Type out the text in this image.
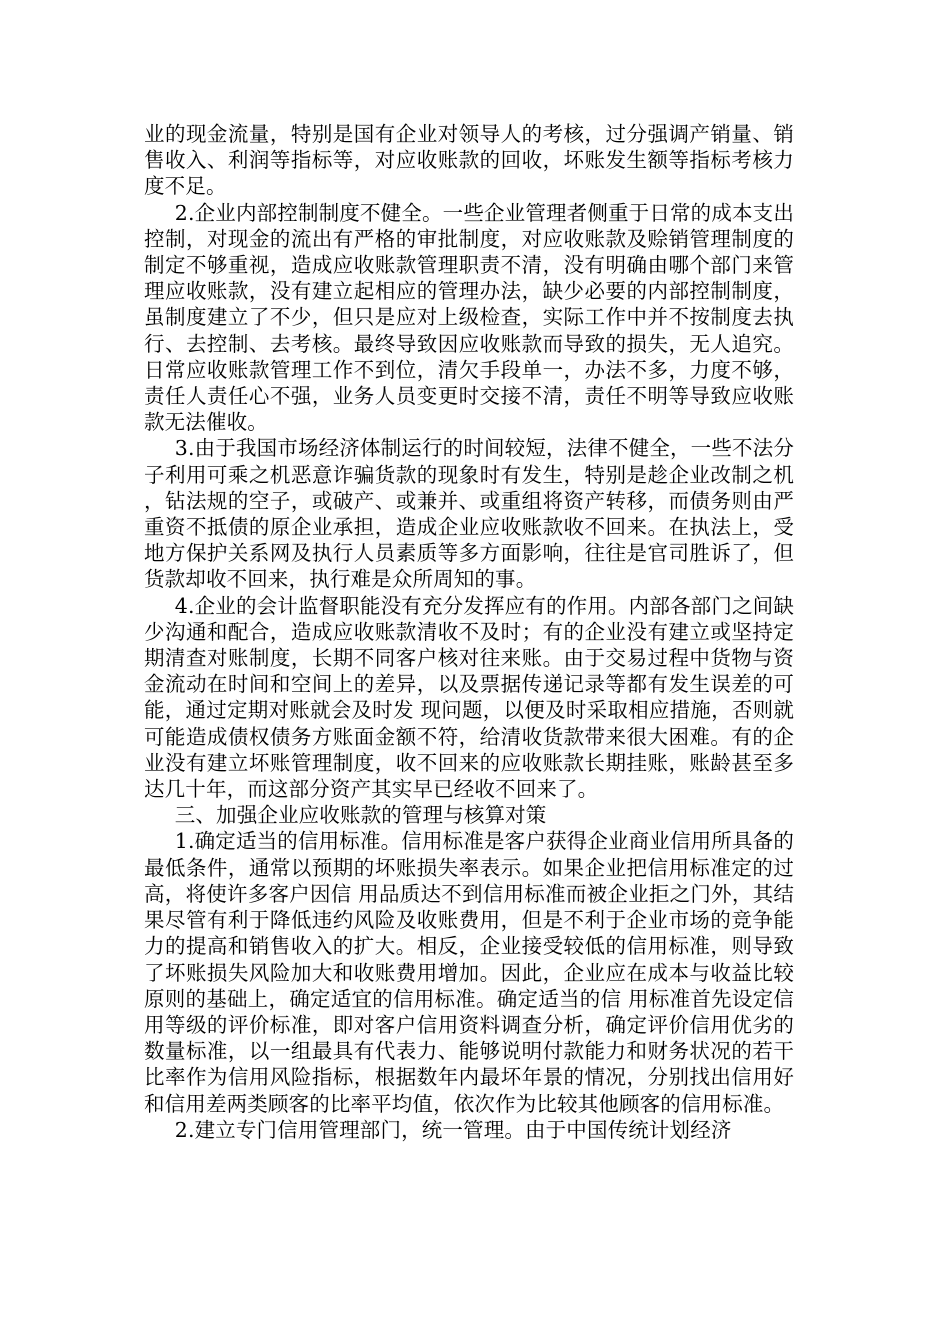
业的现金流量，特别是国有企业对领导人的考核，过分强调产销量、销售收入、利润等指标等，对应收账款的回收，坏账发生额等指标考核力度不足。

2.企业内部控制制度不健全。一些企业管理者侧重于日常的成本支出控制，对现金的流出有严格的审批制度，对应收账款及赊销管理制度的制定不够重视，造成应收账款管理职责不清，没有明确由哪个部门来管理应收账款，没有建立起相应的管理办法，缺少必要的内部控制制度，虽制度建立了不少，但只是应对上级检查，实际工作中并不按制度去执行、去控制、去考核。最终导致因应收账款而导致的损失，无人追究。日常应收账款管理工作不到位，清欠手段单一，办法不多，力度不够，责任人责任心不强，业务人员变更时交接不清，责任不明等导致应收账款无法催收。

3.由于我国市场经济体制运行的时间较短，法律不健全，一些不法分子利用可乘之机恶意诈骗货款的现象时有发生，特别是趁企业改制之机，钻法规的空子，或破产、或兼并、或重组将资产转移，而债务则由严重资不抵债的原企业承担，造成企业应收账款收不回来。在执法上，受地方保护关系网及执行人员素质等多方面影响，往往是官司胜诉了，但货款却收不回来，执行难是众所周知的事。

4.企业的会计监督职能没有充分发挥应有的作用。内部各部门之间缺少沟通和配合，造成应收账款清收不及时；有的企业没有建立或坚持定期清查对账制度，长期不同客户核对往来账。由于交易过程中货物与资金流动在时间和空间上的差异，以及票据传递记录等都有发生误差的可能，通过定期对账就会及时发 现问题，以便及时采取相应措施，否则就可能造成债权债务方账面金额不符，给清收货款带来很大困难。有的企业没有建立坏账管理制度，收不回来的应收账款长期挂账，账龄甚至多达几十年，而这部分资产其实早已经收不回来了。

三、加强企业应收账款的管理与核算对策

1.确定适当的信用标准。信用标准是客户获得企业商业信用所具备的最低条件，通常以预期的坏账损失率表示。如果企业把信用标准定的过高，将使许多客户因信 用品质达不到信用标准而被企业拒之门外，其结果尽管有利于降低违约风险及收账费用，但是不利于企业市场的竞争能力的提高和销售收入的扩大。相反，企业接受较低的信用标准，则导致了坏账损失风险加大和收账费用增加。因此，企业应在成本与收益比较原则的基础上，确定适宜的信用标准。确定适当的信 用标准首先设定信用等级的评价标准，即对客户信用资料调查分析，确定评价信用优劣的数量标准，以一组最具有代表力、能够说明付款能力和财务状况的若干比率作为信用风险指标，根据数年内最坏年景的情况，分别找出信用好和信用差两类顾客的比率平均值，依次作为比较其他顾客的信用标准。

2.建立专门信用管理部门，统一管理。由于中国传统计划经济
